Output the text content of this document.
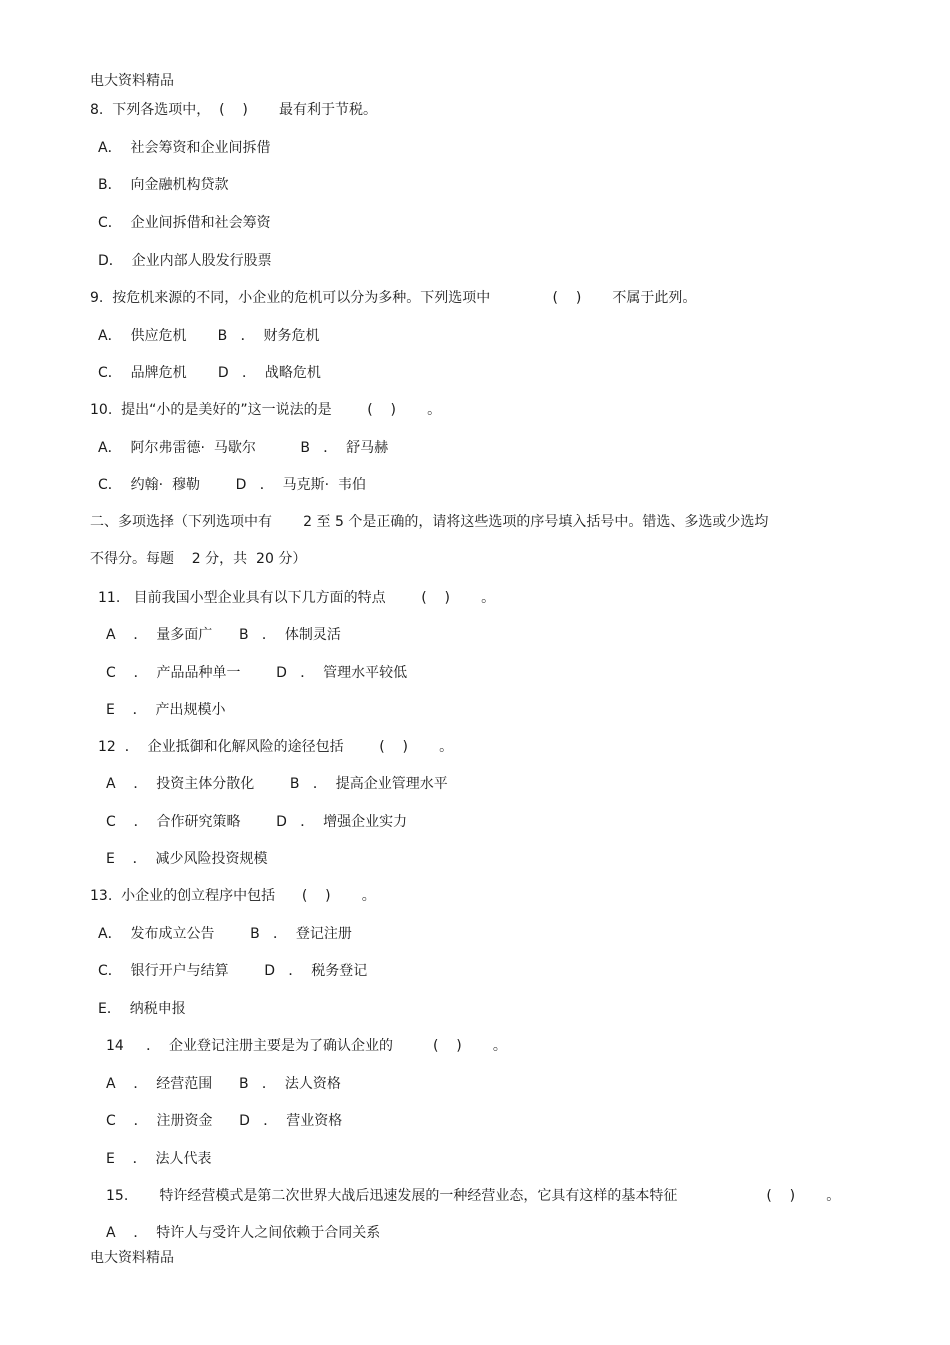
电大资料精品
8.  下列各选项中，  (    )       最有利于节税。
A．  社会筹资和企业间拆借
B．  向金融机构贷款
C．  企业间拆借和社会筹资
D．  企业内部人股发行股票
9.  按危机来源的不同，小企业的危机可以分为多种。下列选项中              (    )       不属于此列。
A．  供应危机       B   ．  财务危机
C．  品牌危机       D   ．  战略危机
10.  提出“小的是美好的”这一说法的是        (    )       。
A．  阿尔弗雷德·  马歇尔          B   ．  舒马赫
C．  约翰·  穆勒        D   ．  马克斯·  韦伯
二、多项选择（下列选项中有       2 至 5 个是正确的，请将这些选项的序号填入括号中。错选、多选或少选均
不得分。每题    2 分，共  20 分）
11.   目前我国小型企业具有以下几方面的特点        (    )       。
A    ．  量多面广      B   ．  体制灵活
C    ．  产品品种单一        D   ．  管理水平较低
E    ．  产出规模小
12  ．  企业抵御和化解风险的途径包括        (    )       。
A    ．  投资主体分散化        B   ．  提高企业管理水平
C    ．  合作研究策略        D   ．  增强企业实力
E    ．  减少风险投资规模
13.  小企业的创立程序中包括      (    )       。
A．  发布成立公告        B   ．  登记注册
C．  银行开户与结算        D   ．  税务登记
E．  纳税申报
14     ．  企业登记注册主要是为了确认企业的         (    )       。
A    ．  经营范围      B   ．  法人资格
C    ．  注册资金      D   ．  营业资格
E    ．  法人代表
15.       特许经营模式是第二次世界大战后迅速发展的一种经营业态，它具有这样的基本特征                    (    )       。
A    ．  特许人与受许人之间依赖于合同关系
电大资料精品
